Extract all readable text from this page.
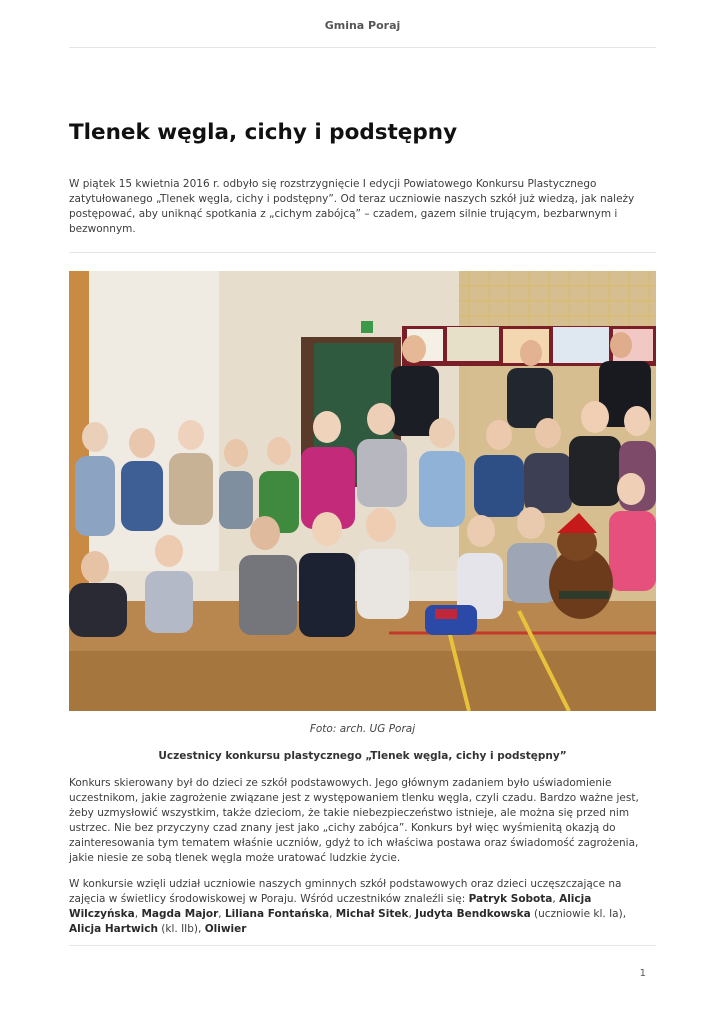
Gmina Poraj
Tlenek węgla, cichy i podstępny

W piątek 15 kwietnia 2016 r. odbyło się rozstrzygnięcie I edycji Powiatowego Konkursu Plastycznego zatytułowanego „Tlenek węgla, cichy i podstępny”. Od teraz uczniowie naszych szkół już wiedzą, jak należy postępować, aby uniknąć spotkania z „cichym zabójcą” – czadem, gazem silnie trującym, bezbarwnym i bezwonnym.

Foto: arch. UG Poraj
Uczestnicy konkursu plastycznego „Tlenek węgla, cichy i podstępny”

Konkurs skierowany był do dzieci ze szkół podstawowych. Jego głównym zadaniem było uświadomienie uczestnikom, jakie zagrożenie związane jest z występowaniem tlenku węgla, czyli czadu. Bardzo ważne jest, żeby uzmysłowić wszystkim, także dzieciom, że takie niebezpieczeństwo istnieje, ale można się przed nim ustrzec. Nie bez przyczyny czad znany jest jako „cichy zabójca”. Konkurs był więc wyśmienitą okazją do zainteresowania tym tematem właśnie uczniów, gdyż to ich właściwa postawa oraz świadomość zagrożenia, jakie niesie ze sobą tlenek węgla może uratować ludzkie życie.

W konkursie wzięli udział uczniowie naszych gminnych szkół podstawowych oraz dzieci uczęszczające na zajęcia w świetlicy środowiskowej w Poraju. Wśród uczestników znaleźli się: Patryk Sobota, Alicja Wilczyńska, Magda Major, Liliana Fontańska, Michał Sitek, Judyta Bendkowska (uczniowie kl. Ia), Alicja Hartwich (kl. IIb), Oliwier

1
